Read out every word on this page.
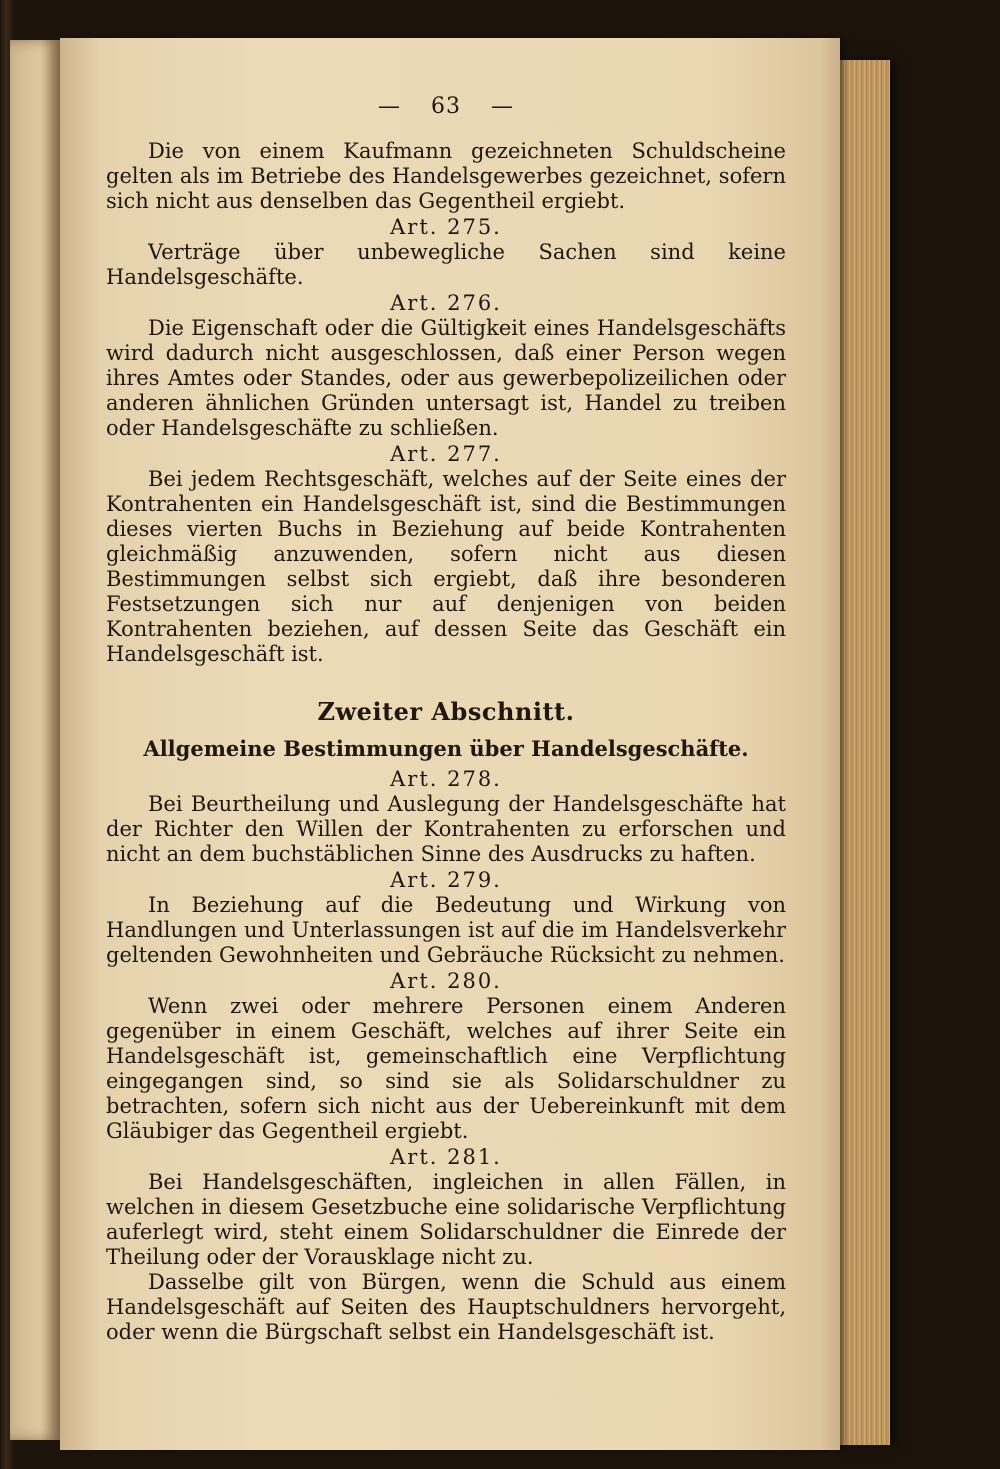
— 63 —

Die von einem Kaufmann gezeichneten Schuldscheine gelten als im Betriebe des Handelsgewerbes gezeichnet, sofern sich nicht aus denselben das Gegentheil ergiebt.

Art. 275.

Verträge über unbewegliche Sachen sind keine Handelsgeschäfte.

Art. 276.

Die Eigenschaft oder die Gültigkeit eines Handelsgeschäfts wird dadurch nicht ausgeschlossen, daß einer Person wegen ihres Amtes oder Standes, oder aus gewerbepolizeilichen oder anderen ähnlichen Gründen untersagt ist, Handel zu treiben oder Handelsgeschäfte zu schließen.

Art. 277.

Bei jedem Rechtsgeschäft, welches auf der Seite eines der Kontrahenten ein Handelsgeschäft ist, sind die Bestimmungen dieses vierten Buchs in Beziehung auf beide Kontrahenten gleichmäßig anzuwenden, sofern nicht aus diesen Bestimmungen selbst sich ergiebt, daß ihre besonderen Festsetzungen sich nur auf denjenigen von beiden Kontrahenten beziehen, auf dessen Seite das Geschäft ein Handelsgeschäft ist.

Zweiter Abschnitt.
Allgemeine Bestimmungen über Handelsgeschäfte.
Art. 278.

Bei Beurtheilung und Auslegung der Handelsgeschäfte hat der Richter den Willen der Kontrahenten zu erforschen und nicht an dem buchstäblichen Sinne des Ausdrucks zu haften.

Art. 279.

In Beziehung auf die Bedeutung und Wirkung von Handlungen und Unterlassungen ist auf die im Handelsverkehr geltenden Gewohnheiten und Gebräuche Rücksicht zu nehmen.

Art. 280.

Wenn zwei oder mehrere Personen einem Anderen gegenüber in einem Geschäft, welches auf ihrer Seite ein Handelsgeschäft ist, gemeinschaftlich eine Verpflichtung eingegangen sind, so sind sie als Solidarschuldner zu betrachten, sofern sich nicht aus der Uebereinkunft mit dem Gläubiger das Gegentheil ergiebt.

Art. 281.

Bei Handelsgeschäften, ingleichen in allen Fällen, in welchen in diesem Gesetzbuche eine solidarische Verpflichtung auferlegt wird, steht einem Solidarschuldner die Einrede der Theilung oder der Vorausklage nicht zu.

Dasselbe gilt von Bürgen, wenn die Schuld aus einem Handelsgeschäft auf Seiten des Hauptschuldners hervorgeht, oder wenn die Bürgschaft selbst ein Handelsgeschäft ist.
